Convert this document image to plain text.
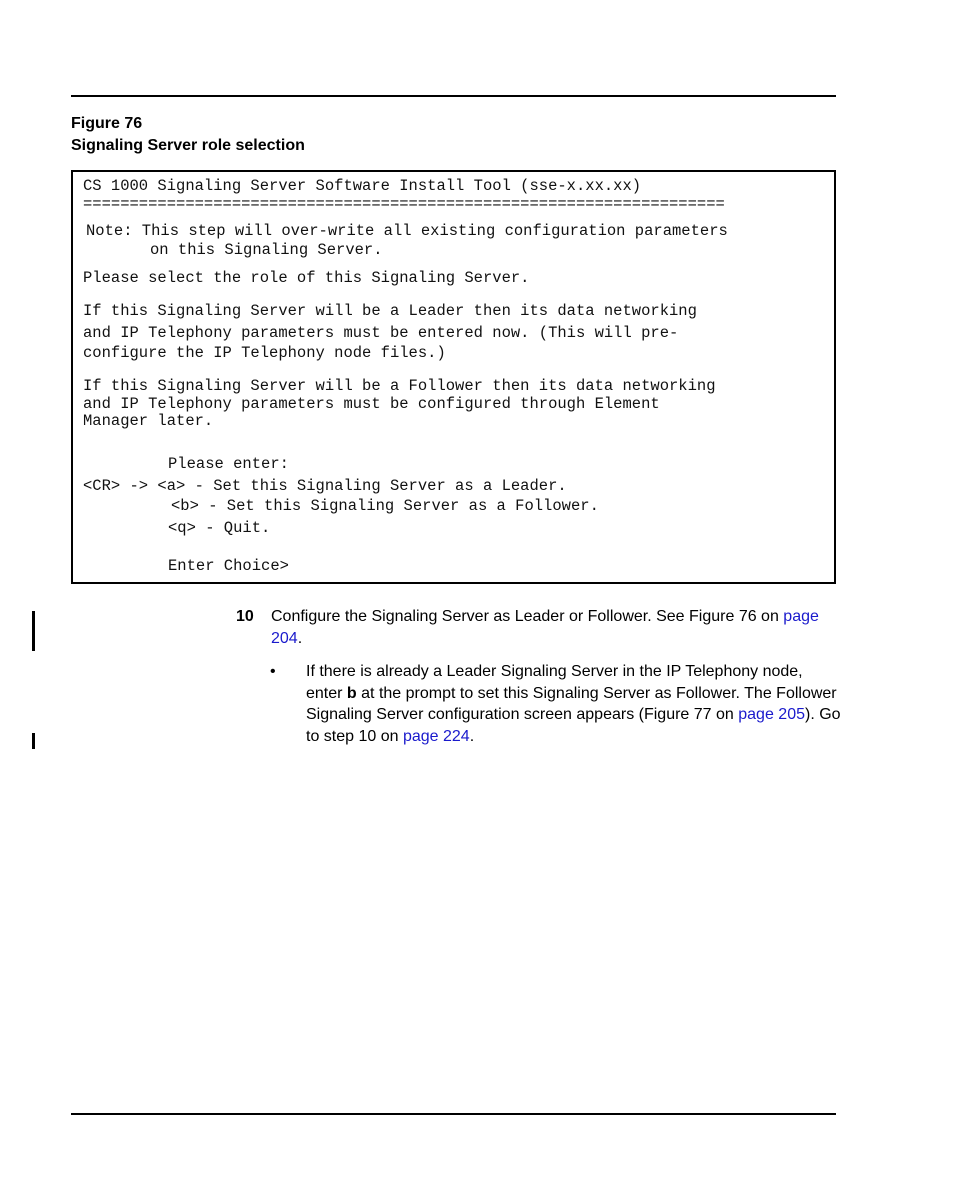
Figure 76
Signaling Server role selection
CS 1000 Signaling Server Software Install Tool (sse-x.xx.xx)
=====================================================================
Note: This step will over-write all existing configuration parameters
on this Signaling Server.
Please select the role of this Signaling Server.
If this Signaling Server will be a Leader then its data networking
and IP Telephony parameters must be entered now. (This will pre-
configure the IP Telephony node files.)
If this Signaling Server will be a Follower then its data networking
and IP Telephony parameters must be configured through Element
Manager later.
Please enter:
<CR> -> <a> - Set this Signaling Server as a Leader.
<b> - Set this Signaling Server as a Follower.
<q> - Quit.
Enter Choice>
10 Configure the Signaling Server as Leader or Follower. See Figure 76 on page 204.
• If there is already a Leader Signaling Server in the IP Telephony node, enter b at the prompt to set this Signaling Server as Follower. The Follower Signaling Server configuration screen appears (Figure 77 on page 205). Go to step 10 on page 224.
